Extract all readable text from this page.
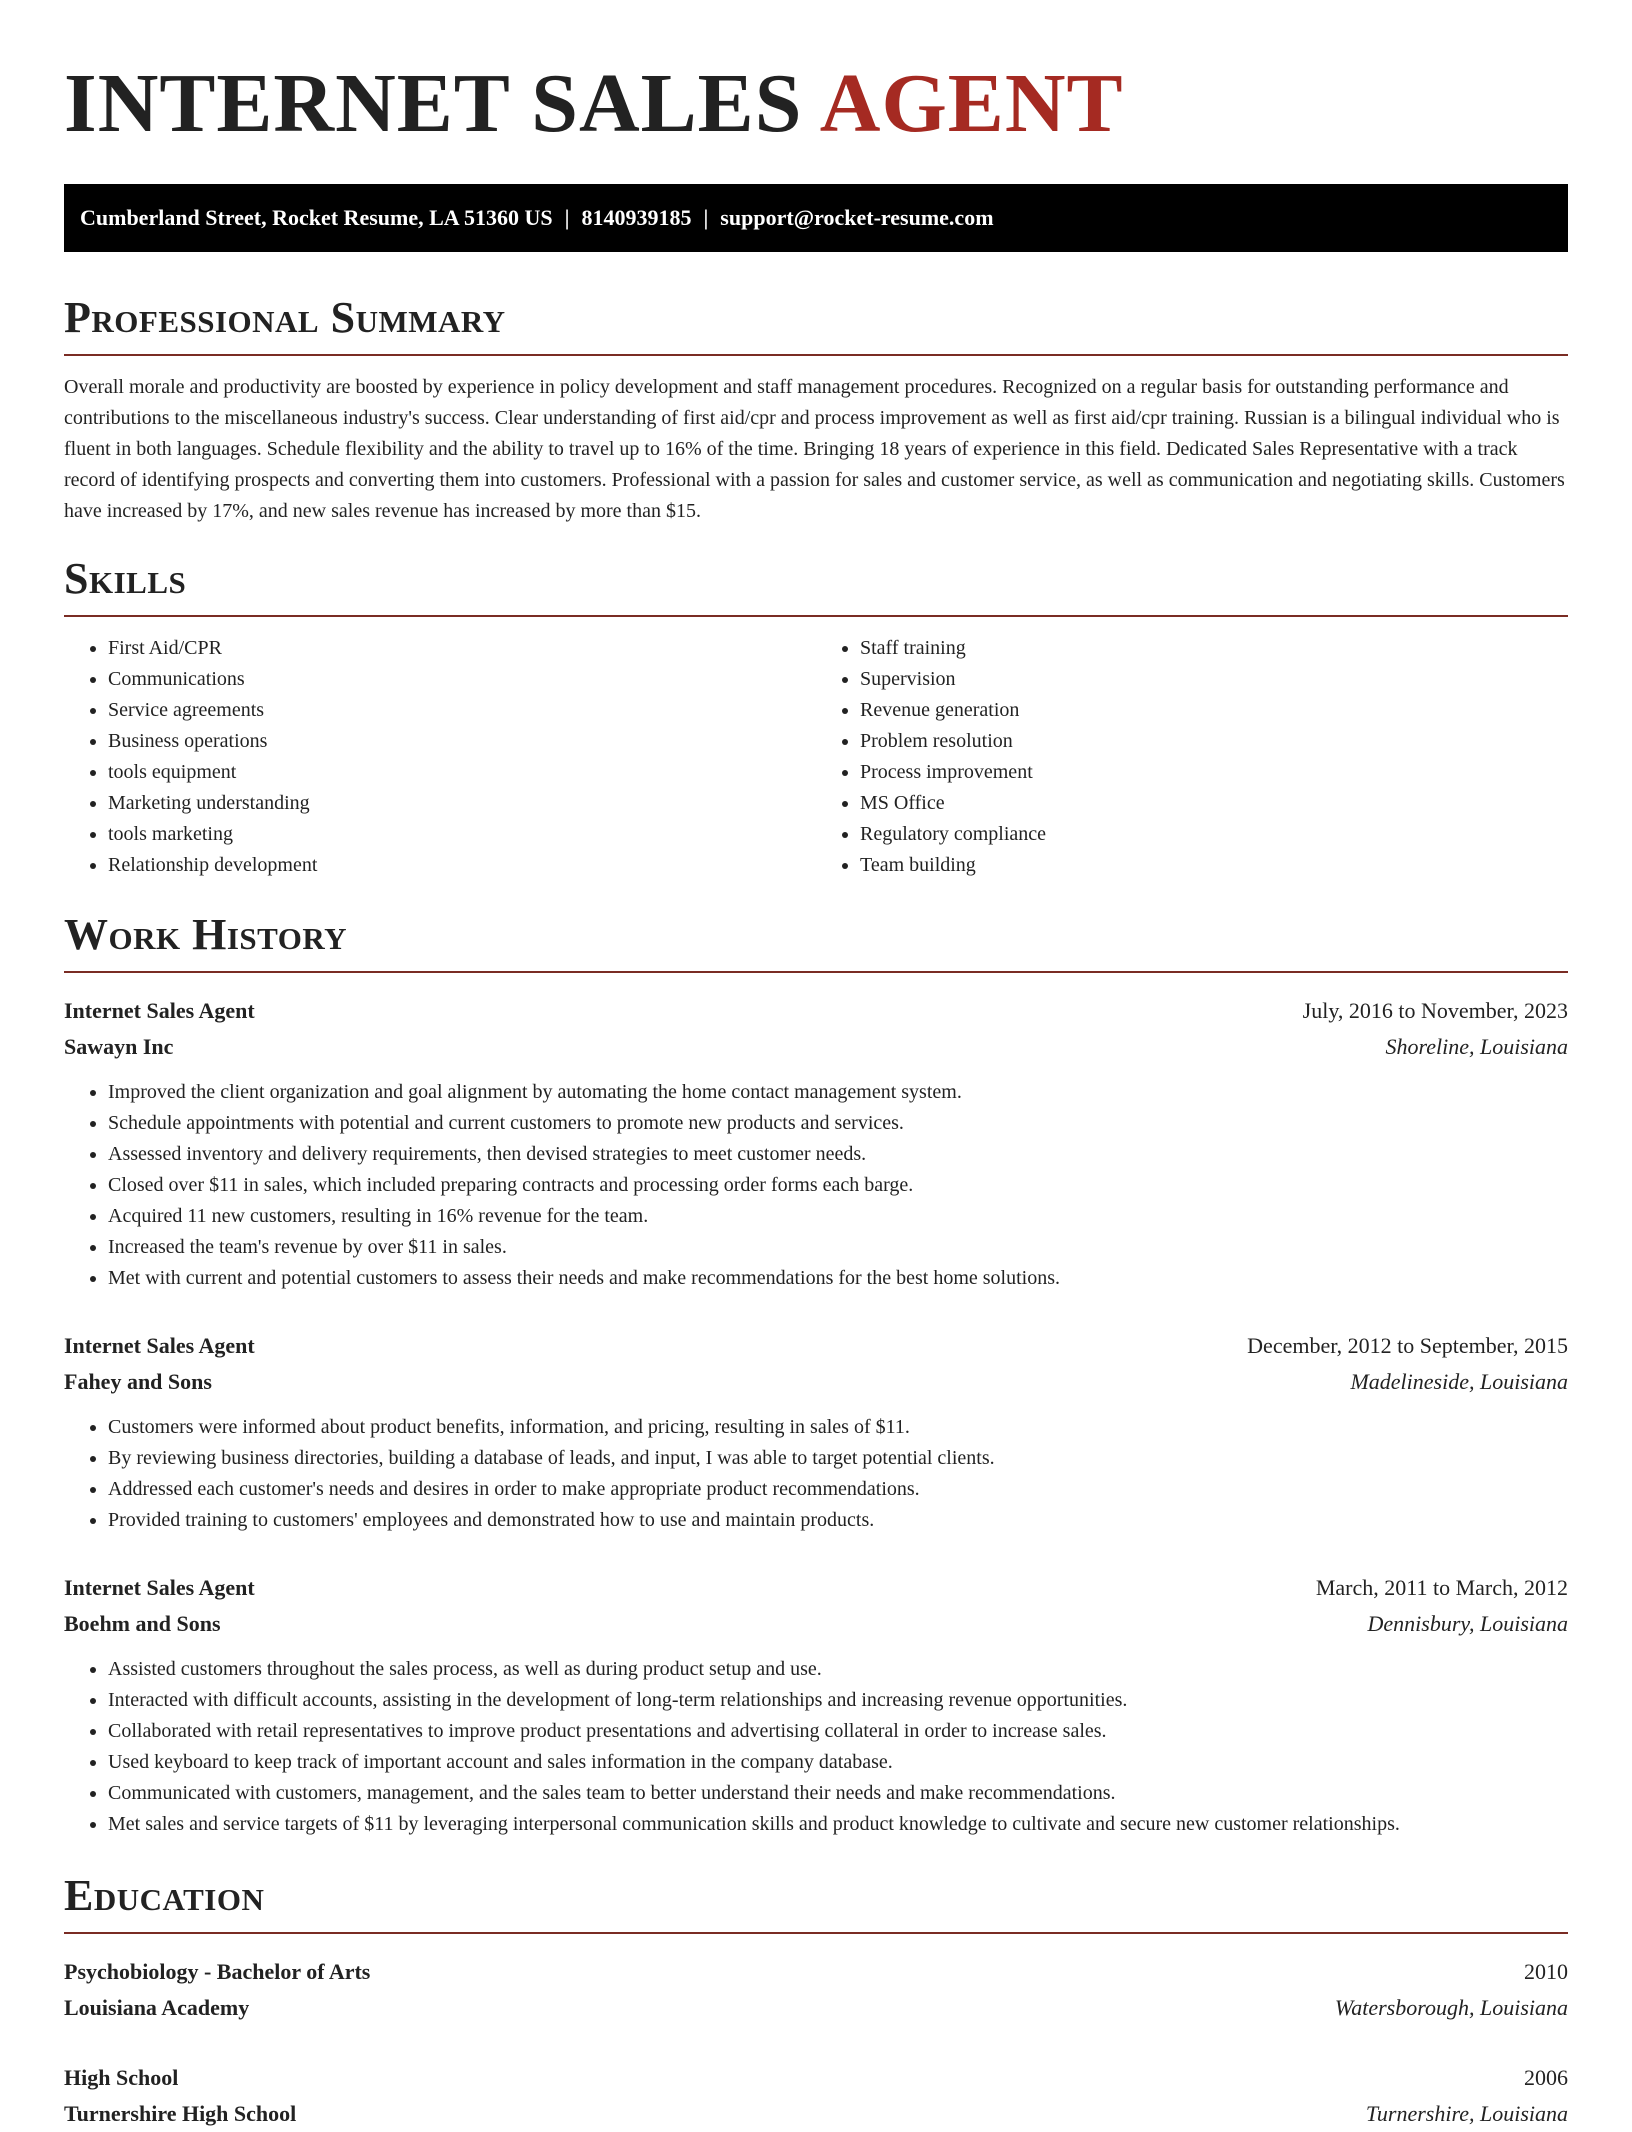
INTERNET SALES AGENT
Cumberland Street, Rocket Resume, LA 51360 US | 8140939185 | support@rocket-resume.com
Professional Summary

Overall morale and productivity are boosted by experience in policy development and staff management procedures. Recognized on a regular basis for outstanding performance and contributions to the miscellaneous industry's success. Clear understanding of first aid/cpr and process improvement as well as first aid/cpr training. Russian is a bilingual individual who is fluent in both languages. Schedule flexibility and the ability to travel up to 16% of the time. Bringing 18 years of experience in this field. Dedicated Sales Representative with a track record of identifying prospects and converting them into customers. Professional with a passion for sales and customer service, as well as communication and negotiating skills. Customers have increased by 17%, and new sales revenue has increased by more than $15.

Skills
• First Aid/CPR
• Communications
• Service agreements
• Business operations
• tools equipment
• Marketing understanding
• tools marketing
• Relationship development
• Staff training
• Supervision
• Revenue generation
• Problem resolution
• Process improvement
• MS Office
• Regulatory compliance
• Team building
Work History
Internet Sales Agent	July, 2016 to November, 2023
Sawayn Inc	Shoreline, Louisiana
• Improved the client organization and goal alignment by automating the home contact management system.
• Schedule appointments with potential and current customers to promote new products and services.
• Assessed inventory and delivery requirements, then devised strategies to meet customer needs.
• Closed over $11 in sales, which included preparing contracts and processing order forms each barge.
• Acquired 11 new customers, resulting in 16% revenue for the team.
• Increased the team's revenue by over $11 in sales.
• Met with current and potential customers to assess their needs and make recommendations for the best home solutions.
Internet Sales Agent	December, 2012 to September, 2015
Fahey and Sons	Madelineside, Louisiana
• Customers were informed about product benefits, information, and pricing, resulting in sales of $11.
• By reviewing business directories, building a database of leads, and input, I was able to target potential clients.
• Addressed each customer's needs and desires in order to make appropriate product recommendations.
• Provided training to customers' employees and demonstrated how to use and maintain products.
Internet Sales Agent	March, 2011 to March, 2012
Boehm and Sons	Dennisbury, Louisiana
• Assisted customers throughout the sales process, as well as during product setup and use.
• Interacted with difficult accounts, assisting in the development of long-term relationships and increasing revenue opportunities.
• Collaborated with retail representatives to improve product presentations and advertising collateral in order to increase sales.
• Used keyboard to keep track of important account and sales information in the company database.
• Communicated with customers, management, and the sales team to better understand their needs and make recommendations.
• Met sales and service targets of $11 by leveraging interpersonal communication skills and product knowledge to cultivate and secure new customer relationships.
Education
Psychobiology - Bachelor of Arts	2010
Louisiana Academy	Watersborough, Louisiana
High School	2006
Turnershire High School	Turnershire, Louisiana
